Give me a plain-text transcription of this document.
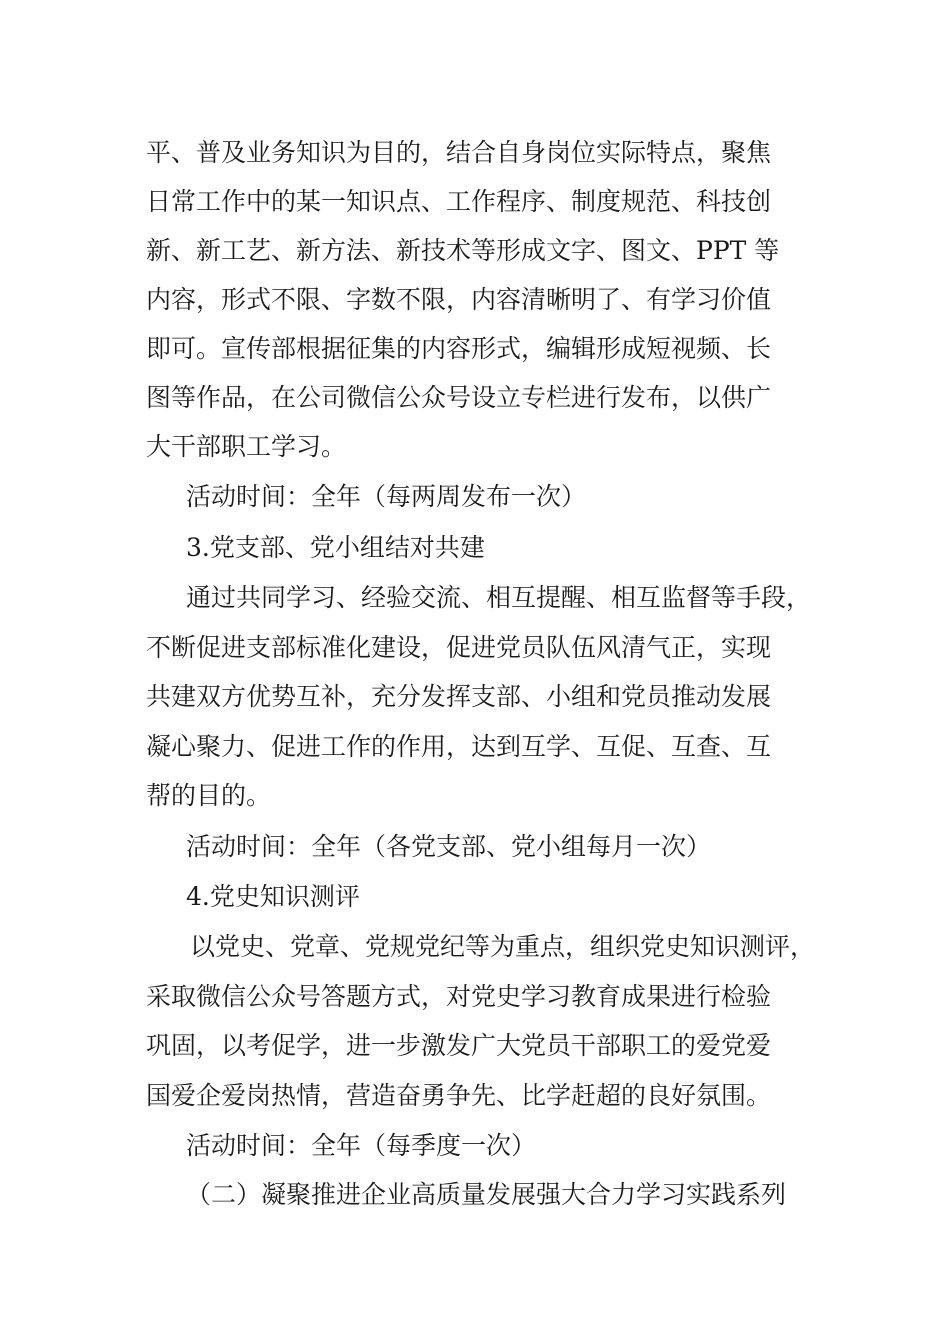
平、普及业务知识为目的，结合自身岗位实际特点，聚焦
日常工作中的某一知识点、工作程序、制度规范、科技创
新、新工艺、新方法、新技术等形成文字、图文、PPT 等
内容，形式不限、字数不限，内容清晰明了、有学习价值
即可。宣传部根据征集的内容形式，编辑形成短视频、长
图等作品，在公司微信公众号设立专栏进行发布，以供广
大干部职工学习。
活动时间：全年（每两周发布一次）
3.党支部、党小组结对共建
通过共同学习、经验交流、相互提醒、相互监督等手段，
不断促进支部标准化建设，促进党员队伍风清气正，实现
共建双方优势互补，充分发挥支部、小组和党员推动发展
凝心聚力、促进工作的作用，达到互学、互促、互查、互
帮的目的。
活动时间：全年（各党支部、党小组每月一次）
4.党史知识测评
以党史、党章、党规党纪等为重点，组织党史知识测评，
采取微信公众号答题方式，对党史学习教育成果进行检验
巩固，以考促学，进一步激发广大党员干部职工的爱党爱
国爱企爱岗热情，营造奋勇争先、比学赶超的良好氛围。
活动时间：全年（每季度一次）
（二）凝聚推进企业高质量发展强大合力学习实践系列
